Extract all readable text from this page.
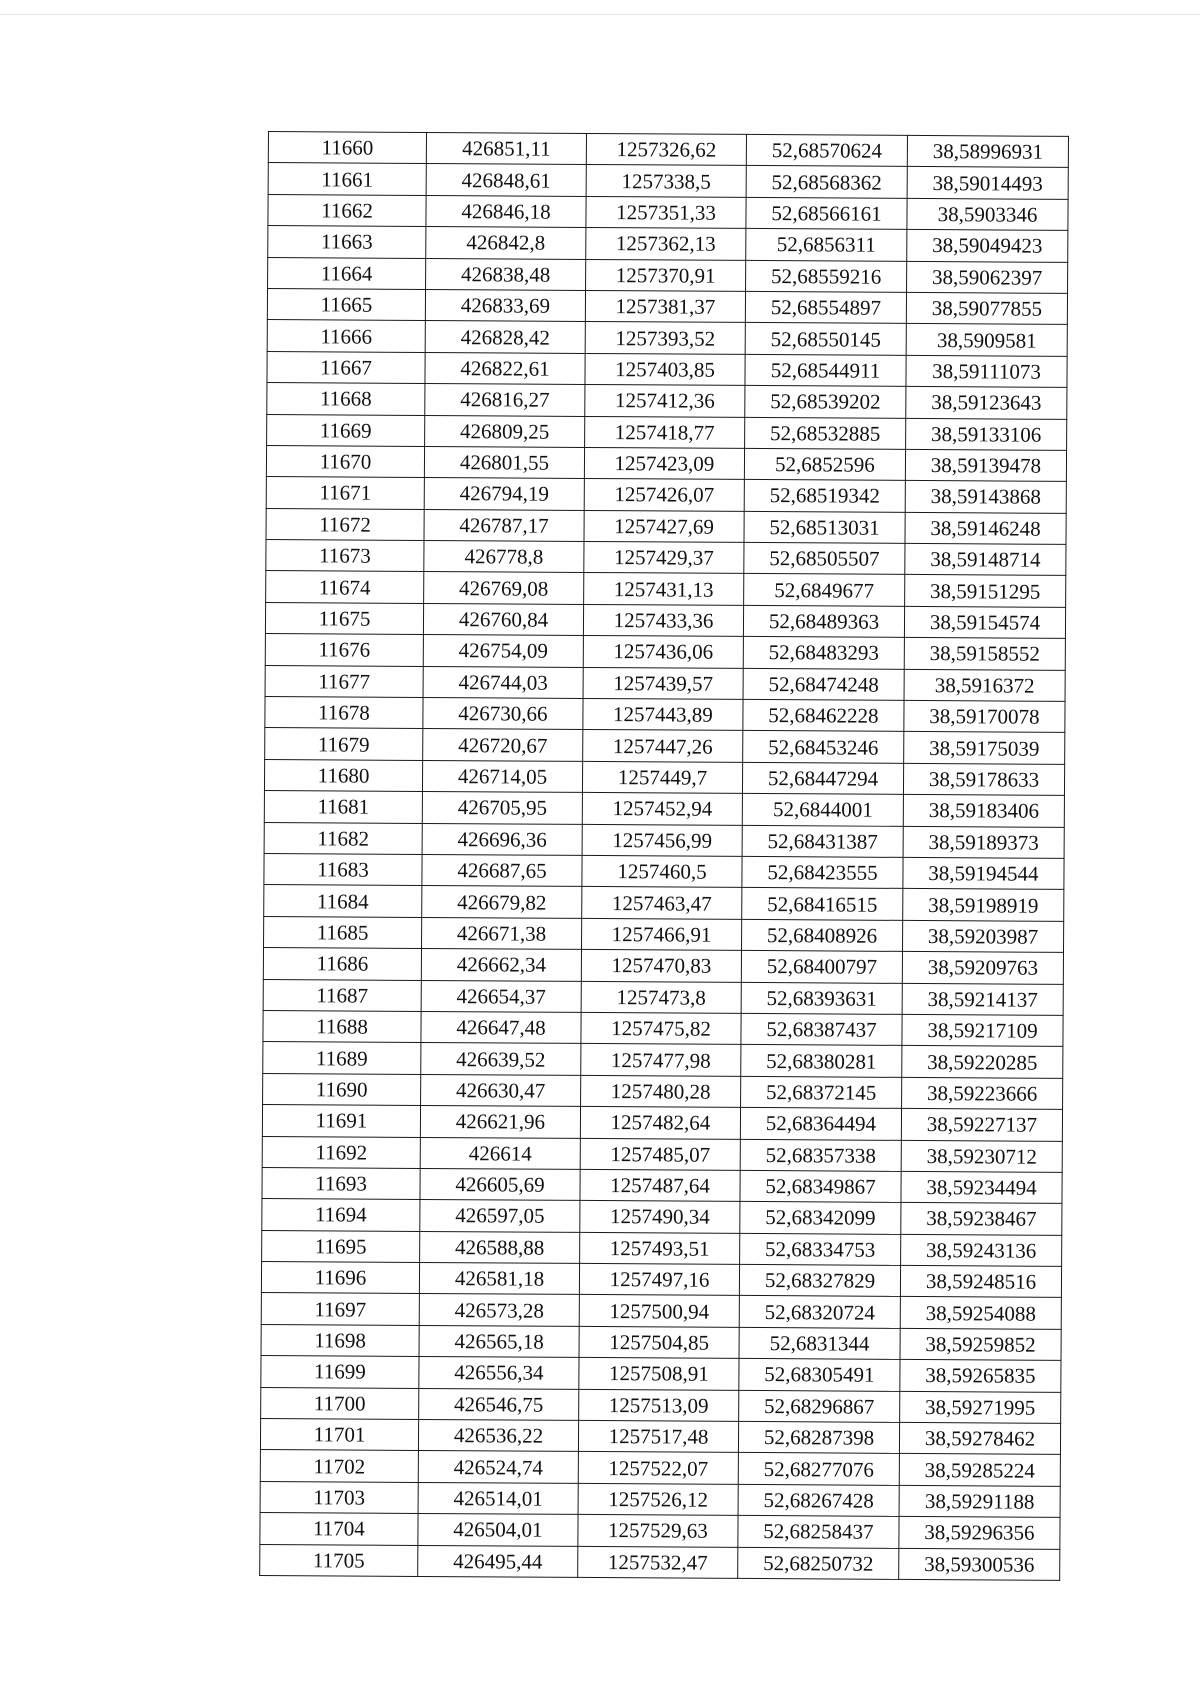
11660	426851,11	1257326,62	52,68570624	38,58996931
11661	426848,61	1257338,5	52,68568362	38,59014493
11662	426846,18	1257351,33	52,68566161	38,5903346
11663	426842,8	1257362,13	52,6856311	38,59049423
11664	426838,48	1257370,91	52,68559216	38,59062397
11665	426833,69	1257381,37	52,68554897	38,59077855
11666	426828,42	1257393,52	52,68550145	38,5909581
11667	426822,61	1257403,85	52,68544911	38,59111073
11668	426816,27	1257412,36	52,68539202	38,59123643
11669	426809,25	1257418,77	52,68532885	38,59133106
11670	426801,55	1257423,09	52,6852596	38,59139478
11671	426794,19	1257426,07	52,68519342	38,59143868
11672	426787,17	1257427,69	52,68513031	38,59146248
11673	426778,8	1257429,37	52,68505507	38,59148714
11674	426769,08	1257431,13	52,6849677	38,59151295
11675	426760,84	1257433,36	52,68489363	38,59154574
11676	426754,09	1257436,06	52,68483293	38,59158552
11677	426744,03	1257439,57	52,68474248	38,5916372
11678	426730,66	1257443,89	52,68462228	38,59170078
11679	426720,67	1257447,26	52,68453246	38,59175039
11680	426714,05	1257449,7	52,68447294	38,59178633
11681	426705,95	1257452,94	52,6844001	38,59183406
11682	426696,36	1257456,99	52,68431387	38,59189373
11683	426687,65	1257460,5	52,68423555	38,59194544
11684	426679,82	1257463,47	52,68416515	38,59198919
11685	426671,38	1257466,91	52,68408926	38,59203987
11686	426662,34	1257470,83	52,68400797	38,59209763
11687	426654,37	1257473,8	52,68393631	38,59214137
11688	426647,48	1257475,82	52,68387437	38,59217109
11689	426639,52	1257477,98	52,68380281	38,59220285
11690	426630,47	1257480,28	52,68372145	38,59223666
11691	426621,96	1257482,64	52,68364494	38,59227137
11692	426614	1257485,07	52,68357338	38,59230712
11693	426605,69	1257487,64	52,68349867	38,59234494
11694	426597,05	1257490,34	52,68342099	38,59238467
11695	426588,88	1257493,51	52,68334753	38,59243136
11696	426581,18	1257497,16	52,68327829	38,59248516
11697	426573,28	1257500,94	52,68320724	38,59254088
11698	426565,18	1257504,85	52,6831344	38,59259852
11699	426556,34	1257508,91	52,68305491	38,59265835
11700	426546,75	1257513,09	52,68296867	38,59271995
11701	426536,22	1257517,48	52,68287398	38,59278462
11702	426524,74	1257522,07	52,68277076	38,59285224
11703	426514,01	1257526,12	52,68267428	38,59291188
11704	426504,01	1257529,63	52,68258437	38,59296356
11705	426495,44	1257532,47	52,68250732	38,59300536
